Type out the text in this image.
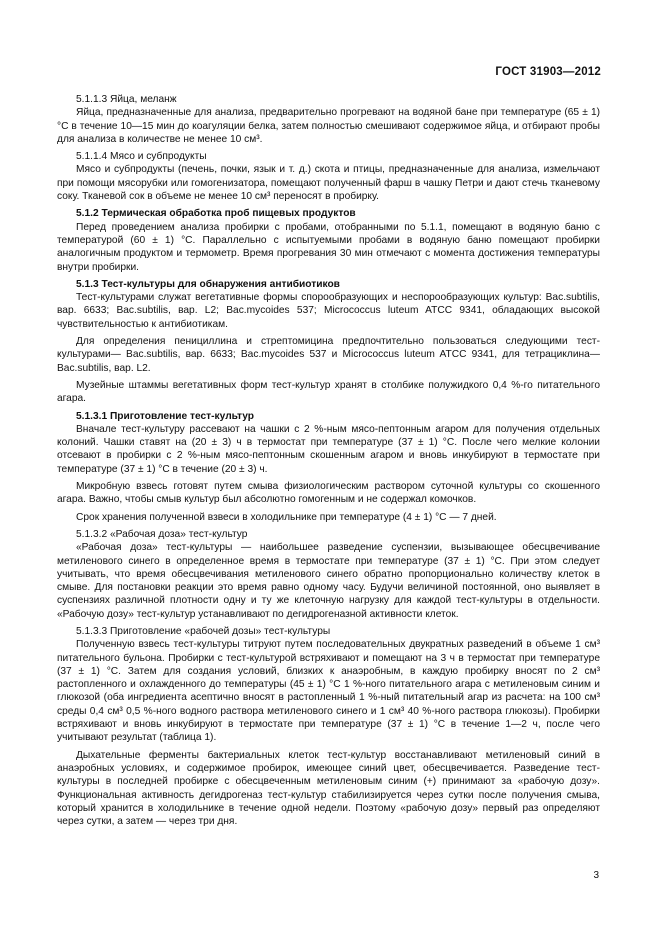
ГОСТ 31903—2012

5.1.1.3 Яйца, меланж

Яйца, предназначенные для анализа, предварительно прогревают на водяной бане при температуре (65 ± 1) °C в течение 10—15 мин до коагуляции белка, затем полностью смешивают содержимое яйца, и отбирают пробы для анализа в количестве не менее 10 см³.

5.1.1.4 Мясо и субпродукты

Мясо и субпродукты (печень, почки, язык и т. д.) скота и птицы, предназначенные для анализа, измельчают при помощи мясорубки или гомогенизатора, помещают полученный фарш в чашку Петри и дают стечь тканевому соку. Тканевой сок в объеме не менее 10 см³ переносят в пробирку.

5.1.2 Термическая обработка проб пищевых продуктов

Перед проведением анализа пробирки с пробами, отобранными по 5.1.1, помещают в водяную баню с температурой (60 ± 1) °C. Параллельно с испытуемыми пробами в водяную баню помещают пробирки аналогичным продуктом и термометр. Время прогревания 30 мин отмечают с момента достижения температуры внутри пробирки.

5.1.3 Тест-культуры для обнаружения антибиотиков

Тест-культурами служат вегетативные формы спорообразующих и неспорообразующих культур: Bac.subtilis, вар. 6633; Bac.subtilis, вар. L2; Bac.mycoides 537; Micrococcus luteum ATCC 9341, обладающих высокой чувствительностью к антибиотикам.

Для определения пенициллина и стрептомицина предпочтительно пользоваться следующими тест-культурами— Bac.subtilis, вар. 6633; Bac.mycoides 537 и Micrococcus luteum ATCC 9341, для тетрациклина— Bac.subtilis, вар. L2.

Музейные штаммы вегетативных форм тест-культур хранят в столбике полужидкого 0,4 %-го питательного агара.

5.1.3.1 Приготовление тест-культур

Вначале тест-культуру рассевают на чашки с 2 %-ным мясо-пептонным агаром для получения отдельных колоний. Чашки ставят на (20 ± 3) ч в термостат при температуре (37 ± 1) °C. После чего мелкие колонии отсевают в пробирки с 2 %-ным мясо-пептонным скошенным агаром и вновь инкубируют в термостате при температуре (37 ± 1) °C в течение (20 ± 3) ч.

Микробную взвесь готовят путем смыва физиологическим раствором суточной культуры со скошенного агара. Важно, чтобы смыв культур был абсолютно гомогенным и не содержал комочков.

Срок хранения полученной взвеси в холодильнике при температуре (4 ± 1) °C — 7 дней.

5.1.3.2 «Рабочая доза» тест-культур

«Рабочая доза» тест-культуры — наибольшее разведение суспензии, вызывающее обесцвечивание метиленового синего в определенное время в термостате при температуре (37 ± 1) °C. При этом следует учитывать, что время обесцвечивания метиленового синего обратно пропорционально количеству клеток в смыве. Для постановки реакции это время равно одному часу. Будучи величиной постоянной, оно выявляет в суспензиях различной плотности одну и ту же клеточную нагрузку для каждой тест-культуры в отдельности. «Рабочую дозу» тест-культур устанавливают по дегидрогеназной активности клеток.

5.1.3.3 Приготовление «рабочей дозы» тест-культуры

Полученную взвесь тест-культуры титруют путем последовательных двукратных разведений в объеме 1 см³ питательного бульона. Пробирки с тест-культурой встряхивают и помещают на 3 ч в термостат при температуре (37 ± 1) °C. Затем для создания условий, близких к анаэробным, в каждую пробирку вносят по 2 см³ растопленного и охлажденного до температуры (45 ± 1) °C 1 %-ного питательного агара с метиленовым синим и глюкозой (оба ингредиента асептично вносят в растопленный 1 %-ный питательный агар из расчета: на 100 см³ среды 0,4 см³ 0,5 %-ного водного раствора метиленового синего и 1 см³ 40 %-ного раствора глюкозы). Пробирки встряхивают и вновь инкубируют в термостате при температуре (37 ± 1) °C в течение 1—2 ч, после чего учитывают результат (таблица 1).

Дыхательные ферменты бактериальных клеток тест-культур восстанавливают метиленовый синий в анаэробных условиях, и содержимое пробирок, имеющее синий цвет, обесцвечивается. Разведение тест-культуры в последней пробирке с обесцвеченным метиленовым синим (+) принимают за «рабочую дозу». Функциональная активность дегидрогеназ тест-культур стабилизируется через сутки после получения смыва, который хранится в холодильнике в течение одной недели. Поэтому «рабочую дозу» первый раз определяют через сутки, а затем — через три дня.

3
